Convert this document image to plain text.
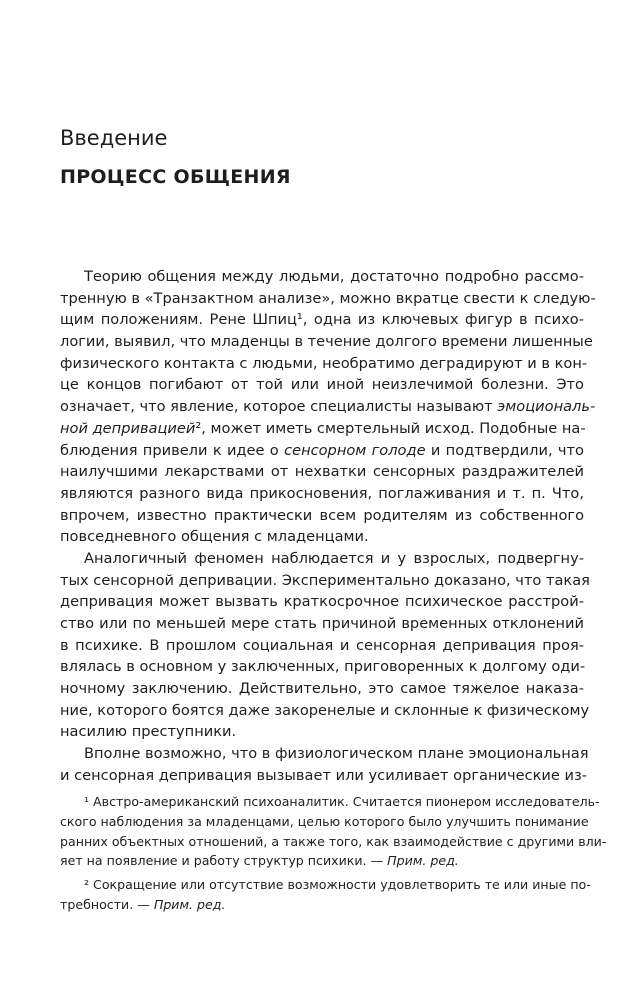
Введение
ПРОЦЕСС ОБЩЕНИЯ
Теорию общения между людьми, достаточно подробно рассмо-
тренную в «Транзактном анализе», можно вкратце свести к следую-
щим положениям. Рене Шпиц¹, одна из ключевых фигур в психо-
логии, выявил, что младенцы в течение долгого времени лишенные
физического контакта с людьми, необратимо деградируют и в кон-
це концов погибают от той или иной неизлечимой болезни. Это
означает, что явление, которое специалисты называют эмоциональ-
ной депривацией², может иметь смертельный исход. Подобные на-
блюдения привели к идее о сенсорном голоде и подтвердили, что
наилучшими лекарствами от нехватки сенсорных раздражителей
являются разного вида прикосновения, поглаживания и т. п. Что,
впрочем, известно практически всем родителям из собственного
повседневного общения с младенцами.
Аналогичный феномен наблюдается и у взрослых, подвергну-
тых сенсорной депривации. Экспериментально доказано, что такая
депривация может вызвать краткосрочное психическое расстрой-
ство или по меньшей мере стать причиной временных отклонений
в психике. В прошлом социальная и сенсорная депривация проя-
влялась в основном у заключенных, приговоренных к долгому оди-
ночному заключению. Действительно, это самое тяжелое наказа-
ние, которого боятся даже закоренелые и склонные к физическому
насилию преступники.
Вполне возможно, что в физиологическом плане эмоциональная
и сенсорная депривация вызывает или усиливает органические из-
¹ Австро-американский психоаналитик. Считается пионером исследователь-
ского наблюдения за младенцами, целью которого было улучшить понимание
ранних объектных отношений, а также того, как взаимодействие с другими вли-
яет на появление и работу структур психики. — Прим. ред.
² Сокращение или отсутствие возможности удовлетворить те или иные по-
требности. — Прим. ред.
